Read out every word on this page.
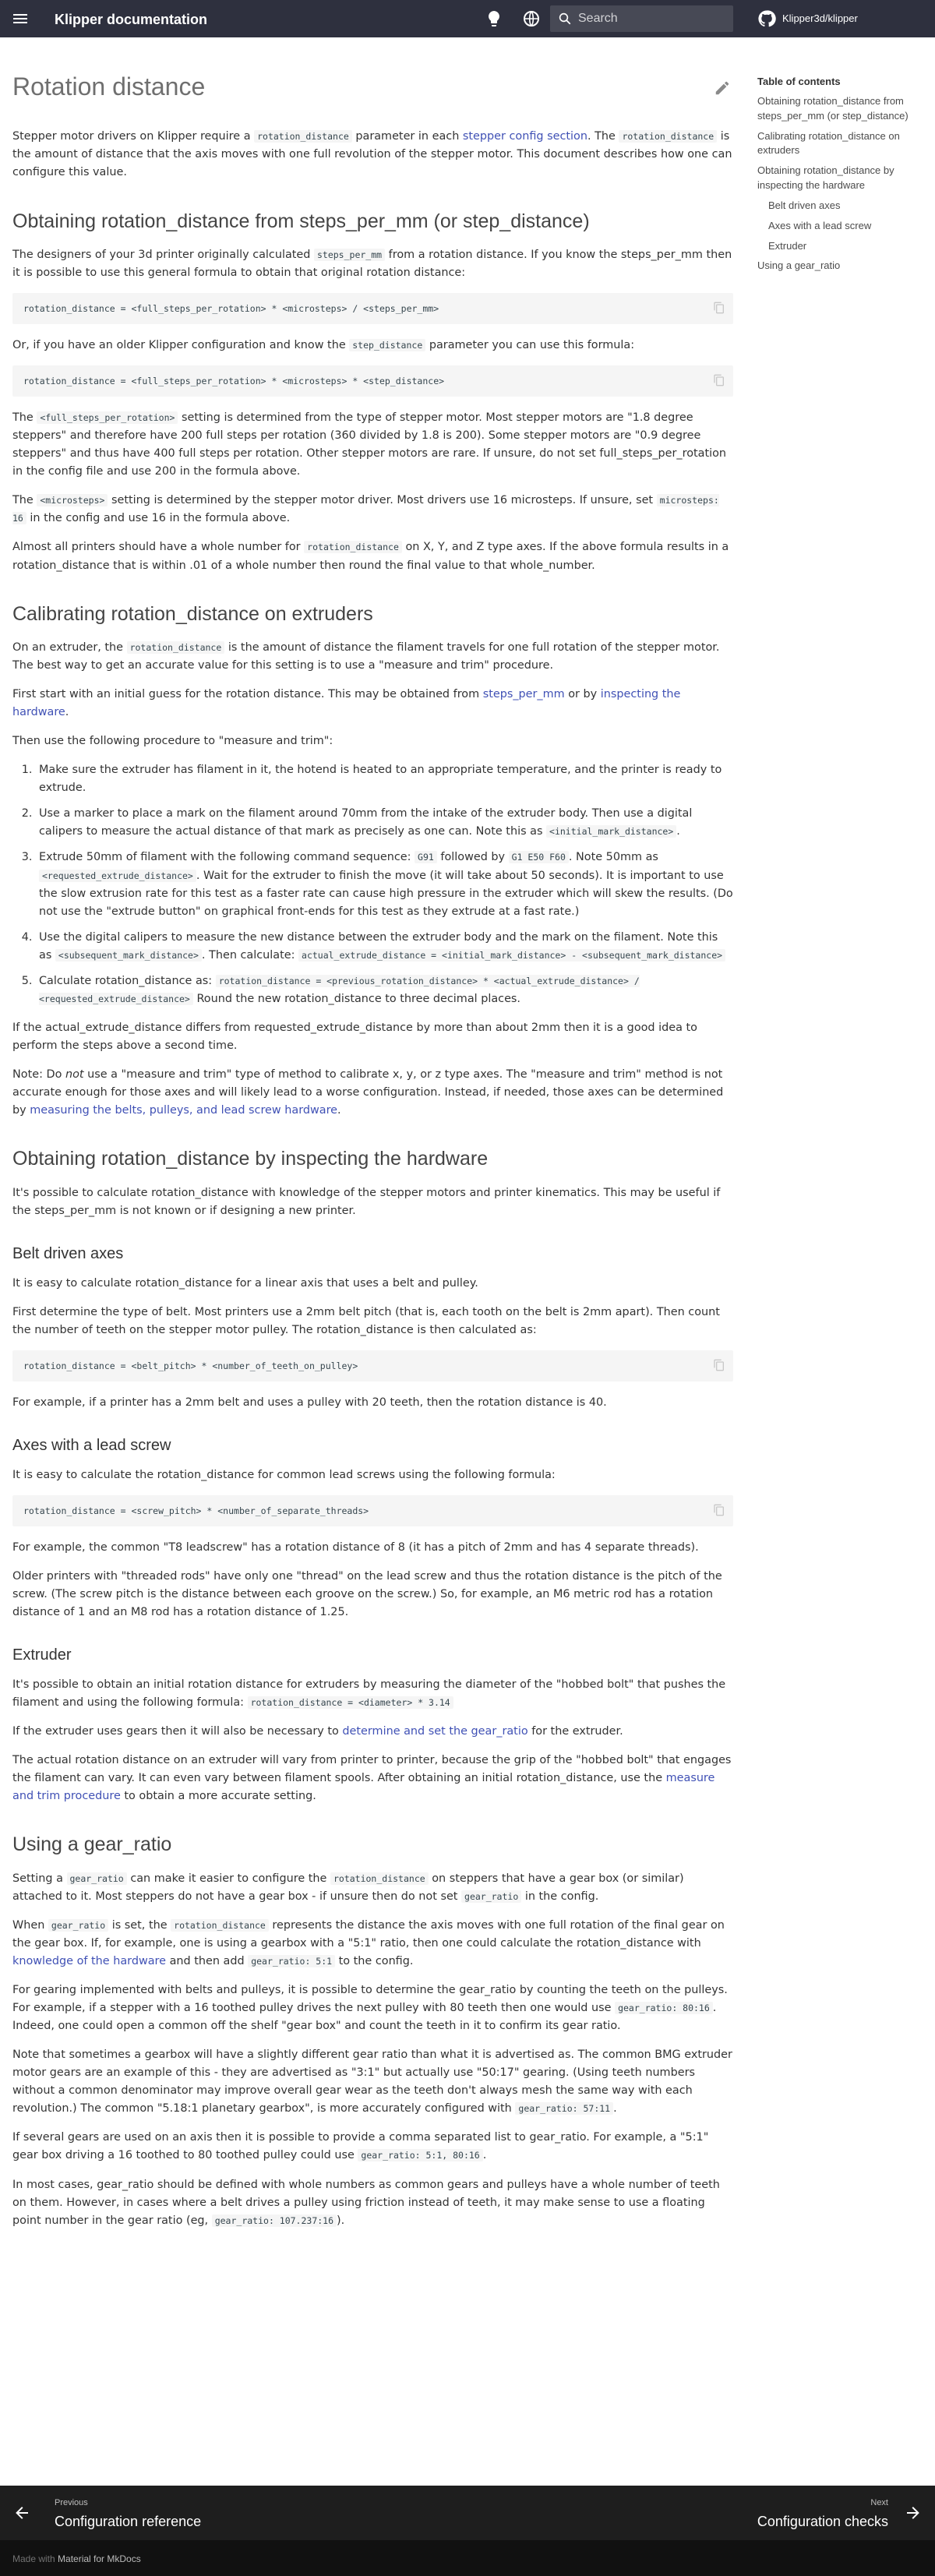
Klipper documentation
Search	Klipper3d/klipper
Rotation distance

Stepper motor drivers on Klipper require a rotation_distance parameter in each stepper config section. The rotation_distance is the amount of distance that the axis moves with one full revolution of the stepper motor. This document describes how one can configure this value.

Obtaining rotation_distance from steps_per_mm (or step_distance)

The designers of your 3d printer originally calculated steps_per_mm from a rotation distance. If you know the steps_per_mm then it is possible to use this general formula to obtain that original rotation distance:

rotation_distance = <full_steps_per_rotation> * <microsteps> / <steps_per_mm>

Or, if you have an older Klipper configuration and know the step_distance parameter you can use this formula:

rotation_distance = <full_steps_per_rotation> * <microsteps> * <step_distance>

The <full_steps_per_rotation> setting is determined from the type of stepper motor. Most stepper motors are "1.8 degree steppers" and therefore have 200 full steps per rotation (360 divided by 1.8 is 200). Some stepper motors are "0.9 degree steppers" and thus have 400 full steps per rotation. Other stepper motors are rare. If unsure, do not set full_steps_per_rotation in the config file and use 200 in the formula above.

The <microsteps> setting is determined by the stepper motor driver. Most drivers use 16 microsteps. If unsure, set microsteps: 16 in the config and use 16 in the formula above.

Almost all printers should have a whole number for rotation_distance on X, Y, and Z type axes. If the above formula results in a rotation_distance that is within .01 of a whole number then round the final value to that whole_number.

Calibrating rotation_distance on extruders

On an extruder, the rotation_distance is the amount of distance the filament travels for one full rotation of the stepper motor. The best way to get an accurate value for this setting is to use a "measure and trim" procedure.

First start with an initial guess for the rotation distance. This may be obtained from steps_per_mm or by inspecting the hardware.

Then use the following procedure to "measure and trim":

1. Make sure the extruder has filament in it, the hotend is heated to an appropriate temperature, and the printer is ready to extrude.
2. Use a marker to place a mark on the filament around 70mm from the intake of the extruder body. Then use a digital calipers to measure the actual distance of that mark as precisely as one can. Note this as <initial_mark_distance> .
3. Extrude 50mm of filament with the following command sequence: G91 followed by G1 E50 F60 . Note 50mm as <requested_extrude_distance> . Wait for the extruder to finish the move (it will take about 50 seconds). It is important to use the slow extrusion rate for this test as a faster rate can cause high pressure in the extruder which will skew the results. (Do not use the "extrude button" on graphical front-ends for this test as they extrude at a fast rate.)
4. Use the digital calipers to measure the new distance between the extruder body and the mark on the filament. Note this as <subsequent_mark_distance> . Then calculate: actual_extrude_distance = <initial_mark_distance> - <subsequent_mark_distance>
5. Calculate rotation_distance as: rotation_distance = <previous_rotation_distance> * <actual_extrude_distance> / <requested_extrude_distance> Round the new rotation_distance to three decimal places.

If the actual_extrude_distance differs from requested_extrude_distance by more than about 2mm then it is a good idea to perform the steps above a second time.

Note: Do not use a "measure and trim" type of method to calibrate x, y, or z type axes. The "measure and trim" method is not accurate enough for those axes and will likely lead to a worse configuration. Instead, if needed, those axes can be determined by measuring the belts, pulleys, and lead screw hardware.

Obtaining rotation_distance by inspecting the hardware

It's possible to calculate rotation_distance with knowledge of the stepper motors and printer kinematics. This may be useful if the steps_per_mm is not known or if designing a new printer.

Belt driven axes

It is easy to calculate rotation_distance for a linear axis that uses a belt and pulley.

First determine the type of belt. Most printers use a 2mm belt pitch (that is, each tooth on the belt is 2mm apart). Then count the number of teeth on the stepper motor pulley. The rotation_distance is then calculated as:

rotation_distance = <belt_pitch> * <number_of_teeth_on_pulley>

For example, if a printer has a 2mm belt and uses a pulley with 20 teeth, then the rotation distance is 40.

Axes with a lead screw

It is easy to calculate the rotation_distance for common lead screws using the following formula:

rotation_distance = <screw_pitch> * <number_of_separate_threads>

For example, the common "T8 leadscrew" has a rotation distance of 8 (it has a pitch of 2mm and has 4 separate threads).

Older printers with "threaded rods" have only one "thread" on the lead screw and thus the rotation distance is the pitch of the screw. (The screw pitch is the distance between each groove on the screw.) So, for example, an M6 metric rod has a rotation distance of 1 and an M8 rod has a rotation distance of 1.25.

Extruder

It's possible to obtain an initial rotation distance for extruders by measuring the diameter of the "hobbed bolt" that pushes the filament and using the following formula: rotation_distance = <diameter> * 3.14

If the extruder uses gears then it will also be necessary to determine and set the gear_ratio for the extruder.

The actual rotation distance on an extruder will vary from printer to printer, because the grip of the "hobbed bolt" that engages the filament can vary. It can even vary between filament spools. After obtaining an initial rotation_distance, use the measure and trim procedure to obtain a more accurate setting.

Using a gear_ratio

Setting a gear_ratio can make it easier to configure the rotation_distance on steppers that have a gear box (or similar) attached to it. Most steppers do not have a gear box - if unsure then do not set gear_ratio in the config.

When gear_ratio is set, the rotation_distance represents the distance the axis moves with one full rotation of the final gear on the gear box. If, for example, one is using a gearbox with a "5:1" ratio, then one could calculate the rotation_distance with knowledge of the hardware and then add gear_ratio: 5:1 to the config.

For gearing implemented with belts and pulleys, it is possible to determine the gear_ratio by counting the teeth on the pulleys. For example, if a stepper with a 16 toothed pulley drives the next pulley with 80 teeth then one would use gear_ratio: 80:16 . Indeed, one could open a common off the shelf "gear box" and count the teeth in it to confirm its gear ratio.

Note that sometimes a gearbox will have a slightly different gear ratio than what it is advertised as. The common BMG extruder motor gears are an example of this - they are advertised as "3:1" but actually use "50:17" gearing. (Using teeth numbers without a common denominator may improve overall gear wear as the teeth don't always mesh the same way with each revolution.) The common "5.18:1 planetary gearbox", is more accurately configured with gear_ratio: 57:11 .

If several gears are used on an axis then it is possible to provide a comma separated list to gear_ratio. For example, a "5:1" gear box driving a 16 toothed to 80 toothed pulley could use gear_ratio: 5:1, 80:16 .

In most cases, gear_ratio should be defined with whole numbers as common gears and pulleys have a whole number of teeth on them. However, in cases where a belt drives a pulley using friction instead of teeth, it may make sense to use a floating point number in the gear ratio (eg, gear_ratio: 107.237:16 ).

Table of contents
Obtaining rotation_distance from steps_per_mm (or step_distance)
Calibrating rotation_distance on extruders
Obtaining rotation_distance by inspecting the hardware
Belt driven axes
Axes with a lead screw
Extruder
Using a gear_ratio
Previous
Configuration reference
Next
Configuration checks
Made with Material for MkDocs
